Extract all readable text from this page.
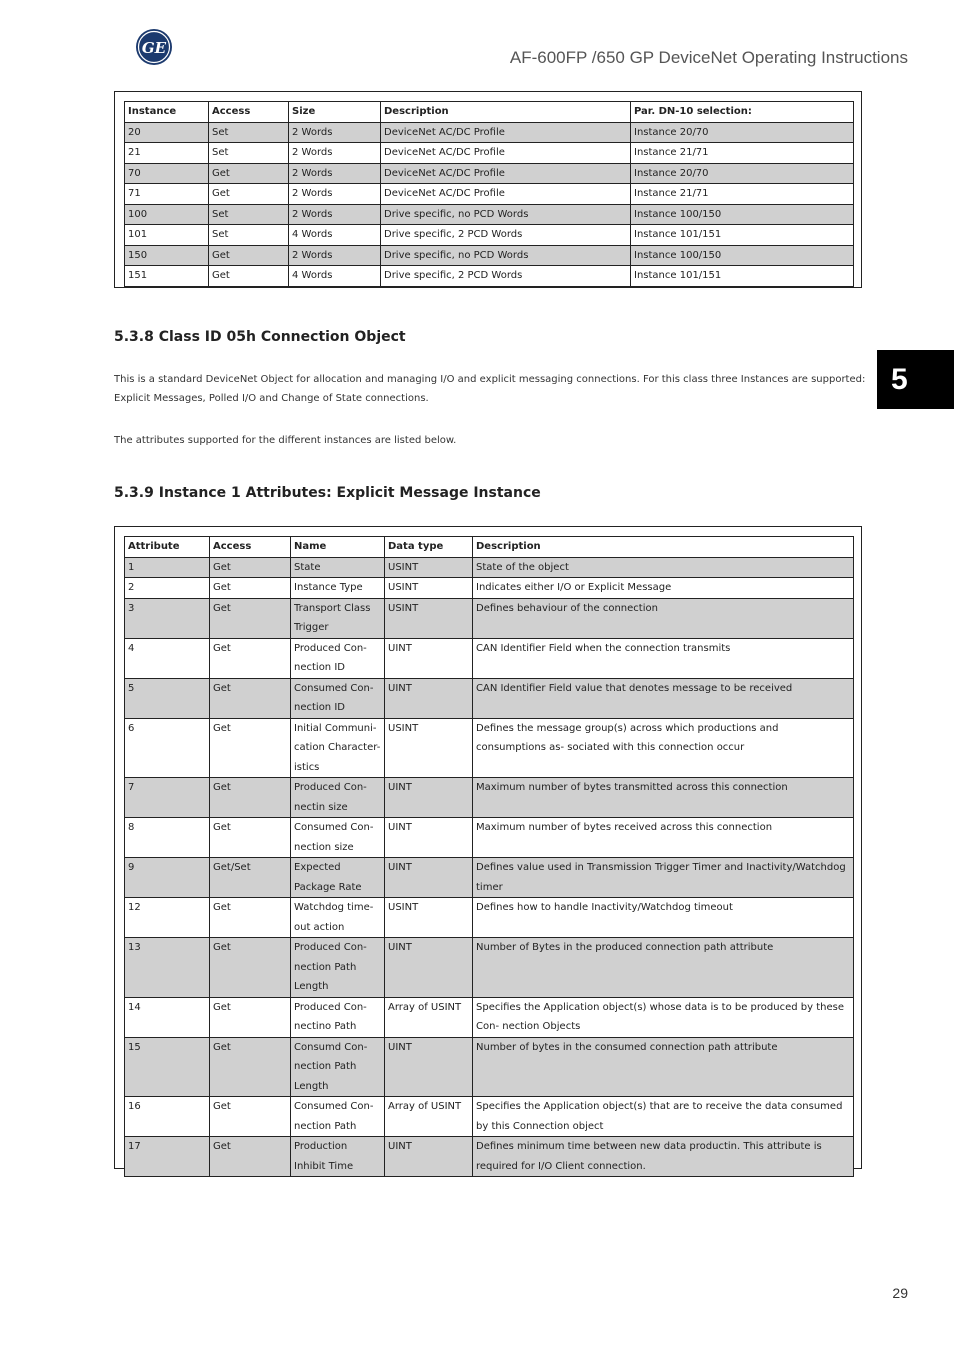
GE	AF-600FP /650 GP DeviceNet Operating Instructions
5
Instance	Access	Size	Description	Par. DN-10 selection:
20	Set	2 Words	DeviceNet AC/DC Profile	Instance 20/70
21	Set	2 Words	DeviceNet AC/DC Profile	Instance 21/71
70	Get	2 Words	DeviceNet AC/DC Profile	Instance 20/70
71	Get	2 Words	DeviceNet AC/DC Profile	Instance 21/71
100	Set	2 Words	Drive specific, no PCD Words	Instance 100/150
101	Set	4 Words	Drive specific, 2 PCD Words	Instance 101/151
150	Get	2 Words	Drive specific, no PCD Words	Instance 100/150
151	Get	4 Words	Drive specific, 2 PCD Words	Instance 101/151
5.3.8 Class ID 05h Connection Object
This is a standard DeviceNet Object for allocation and managing I/O and explicit messaging connections. For this class three Instances are supported: Explicit Messages, Polled I/O and Change of State connections.
The attributes supported for the different instances are listed below.
5.3.9 Instance 1 Attributes: Explicit Message Instance
Attribute	Access	Name	Data type	Description
1	Get	State	USINT	State of the object
2	Get	Instance Type	USINT	Indicates either I/O or Explicit Message
3	Get	Transport Class Trigger	USINT	Defines behaviour of the connection
4	Get	Produced Con- nection ID	UINT	CAN Identifier Field when the connection transmits
5	Get	Consumed Con- nection ID	UINT	CAN Identifier Field value that denotes message to be received
6	Get	Initial Communi- cation Character- istics	USINT	Defines the message group(s) across which productions and consumptions as- sociated with this connection occur
7	Get	Produced Con- nectin size	UINT	Maximum number of bytes transmitted across this connection
8	Get	Consumed Con- nection size	UINT	Maximum number of bytes received across this connection
9	Get/Set	Expected Package Rate	UINT	Defines value used in Transmission Trigger Timer and Inactivity/Watchdog timer
12	Get	Watchdog time- out action	USINT	Defines how to handle Inactivity/Watchdog timeout
13	Get	Produced Con- nection Path Length	UINT	Number of Bytes in the produced connection path attribute
14	Get	Produced Con- nectino Path	Array of USINT	Specifies the Application object(s) whose data is to be produced by these Con- nection Objects
15	Get	Consumd Con- nection Path Length	UINT	Number of bytes in the consumed connection path attribute
16	Get	Consumed Con- nection Path	Array of USINT	Specifies the Application object(s) that are to receive the data consumed by this Connection object
17	Get	Production Inhibit Time	UINT	Defines minimum time between new data productin. This attribute is required for I/O Client connection.
29
